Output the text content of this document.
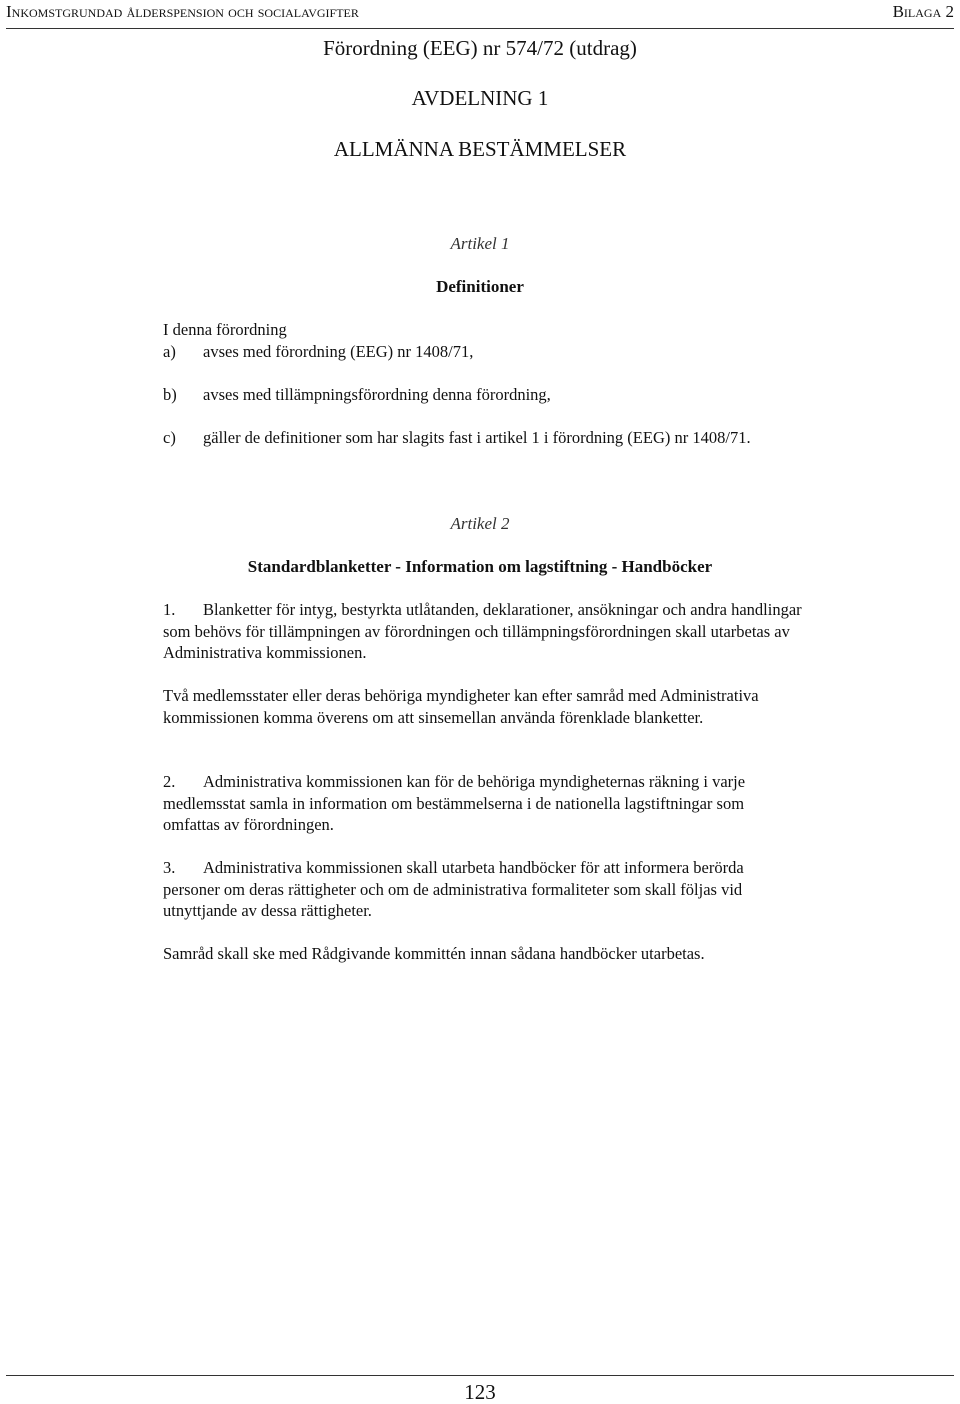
Inkomstgrundad ålderspension och socialavgifter	Bilaga 2
Förordning (EEG) nr 574/72 (utdrag)
AVDELNING 1
ALLMÄNNA BESTÄMMELSER
Artikel 1
Definitioner
I denna förordning
a)	avses med förordning (EEG) nr 1408/71,
b)	avses med tillämpningsförordning denna förordning,
c)	gäller de definitioner som har slagits fast i artikel 1 i förordning (EEG) nr 1408/71.
Artikel 2
Standardblanketter - Information om lagstiftning - Handböcker
1. Blanketter för intyg, bestyrkta utlåtanden, deklarationer, ansökningar och andra handlingar som behövs för tillämpningen av förordningen och tillämpningsförordningen skall utarbetas av Administrativa kommissionen.
Två medlemsstater eller deras behöriga myndigheter kan efter samråd med Administrativa kommissionen komma överens om att sinsemellan använda förenklade blanketter.
2. Administrativa kommissionen kan för de behöriga myndigheternas räkning i varje medlemsstat samla in information om bestämmelserna i de nationella lagstiftningar som omfattas av förordningen.
3. Administrativa kommissionen skall utarbeta handböcker för att informera berörda personer om deras rättigheter och om de administrativa formaliteter som skall följas vid utnyttjande av dessa rättigheter.
Samråd skall ske med Rådgivande kommittén innan sådana handböcker utarbetas.
123
